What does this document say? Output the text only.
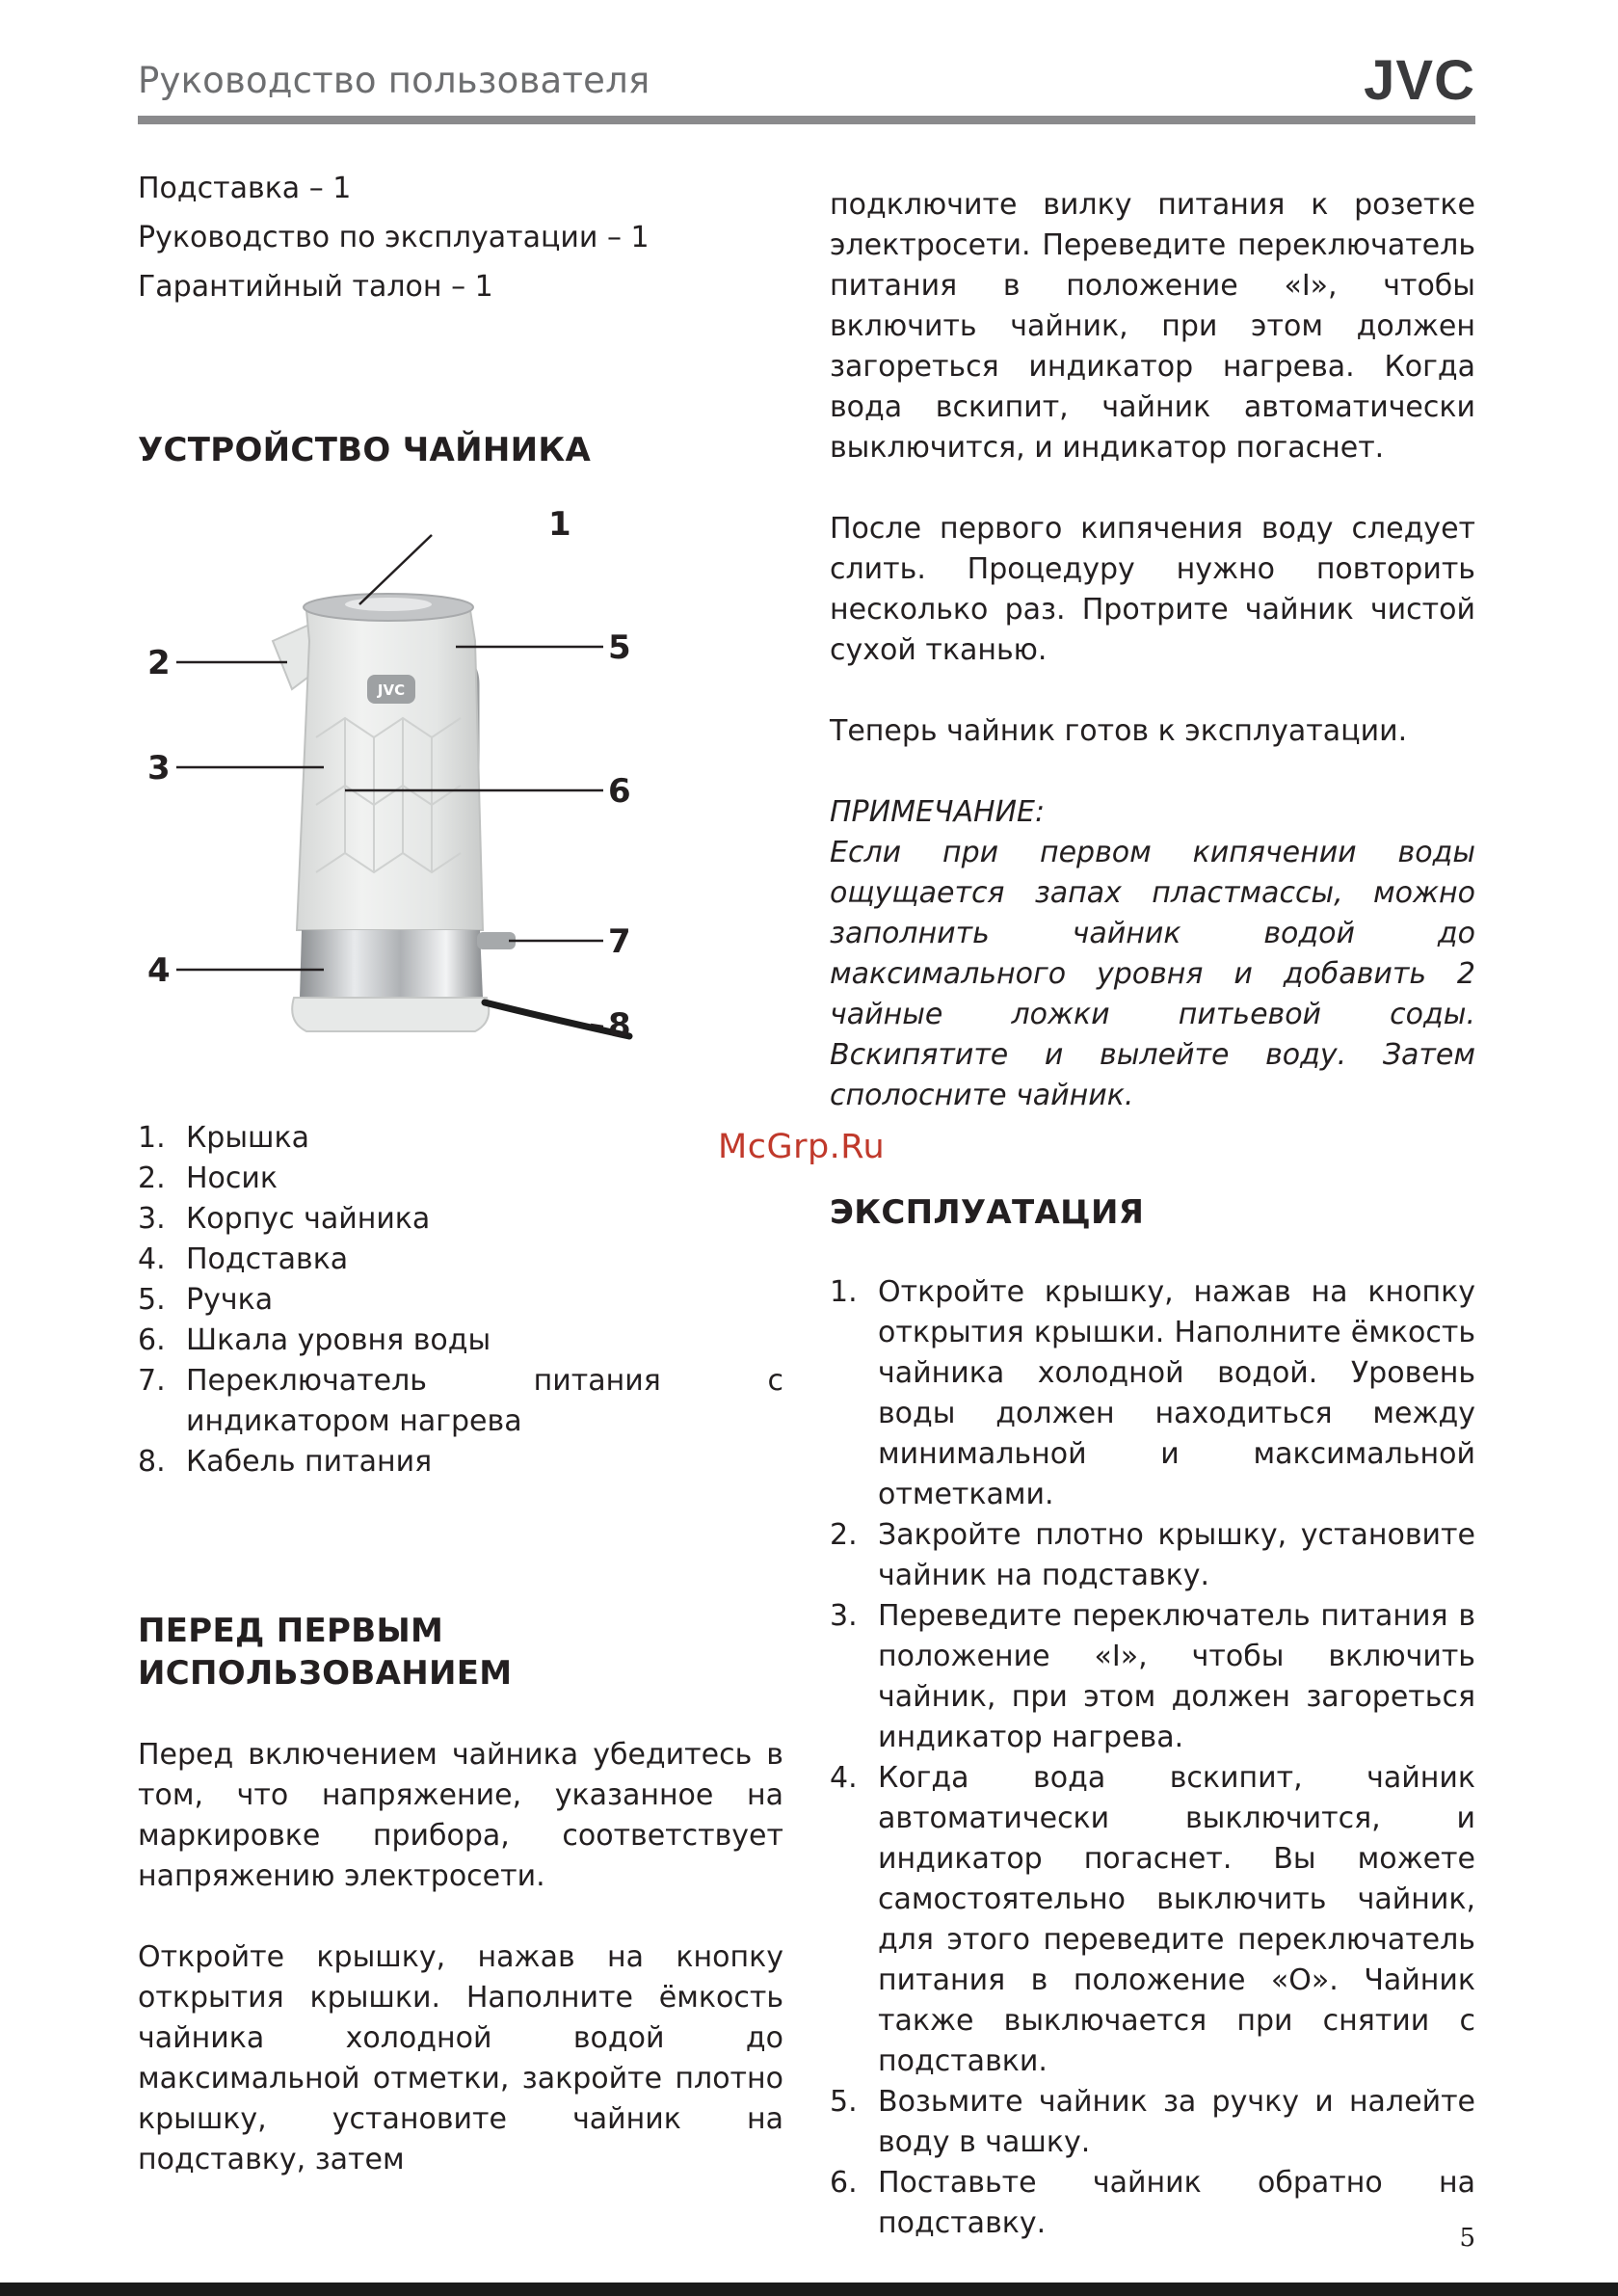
Руководство пользователя	JVC

Подставка – 1

Руководство по эксплуатации – 1

Гарантийный талон – 1

УСТРОЙСТВО ЧАЙНИКА
JVC
1
2
3
4
5
6
7
8
1. Крышка
2. Носик
3. Корпус чайника
4. Подставка
5. Ручка
6. Шкала уровня воды
7. Переключатель питания с индикатором нагрева
8. Кабель питания
ПЕРЕД ПЕРВЫМ
ИСПОЛЬЗОВАНИЕМ

Перед включением чайника убедитесь в том, что напряжение, указанное на маркировке прибора, соответствует напряжению электросети.

Откройте крышку, нажав на кнопку открытия крышки. Наполните ёмкость чайника холодной водой до максимальной отметки, закройте плотно крышку, установите чайник на подставку, затем

подключите вилку питания к розетке электросети. Переведите переключатель питания в положение «I», чтобы включить чайник, при этом должен загореться индикатор нагрева. Когда вода вскипит, чайник автоматически выключится, и индикатор погаснет.

После первого кипячения воду следует слить. Процедуру нужно повторить несколько раз. Протрите чайник чистой сухой тканью.

Теперь чайник готов к эксплуатации.

ПРИМЕЧАНИЕ:

Если при первом кипячении воды ощущается запах пластмассы, можно заполнить чайник водой до максимального уровня и добавить 2 чайные ложки питьевой соды. Вскипятите и вылейте воду. Затем сполосните чайник.

ЭКСПЛУАТАЦИЯ
1. Откройте крышку, нажав на кнопку открытия крышки. Наполните ёмкость чайника холодной водой. Уровень воды должен находиться между минимальной и максимальной отметками.
2. Закройте плотно крышку, установите чайник на подставку.
3. Переведите переключатель питания в положение «I», чтобы включить чайник, при этом должен загореться индикатор нагрева.
4. Когда вода вскипит, чайник автоматически выключится, и индикатор погаснет. Вы можете самостоятельно выключить чайник, для этого переведите переключатель питания в положение «О». Чайник также выключается при снятии с подставки.
5. Возьмите чайник за ручку и налейте воду в чашку.
6. Поставьте чайник обратно на подставку.
McGrp.Ru
5
